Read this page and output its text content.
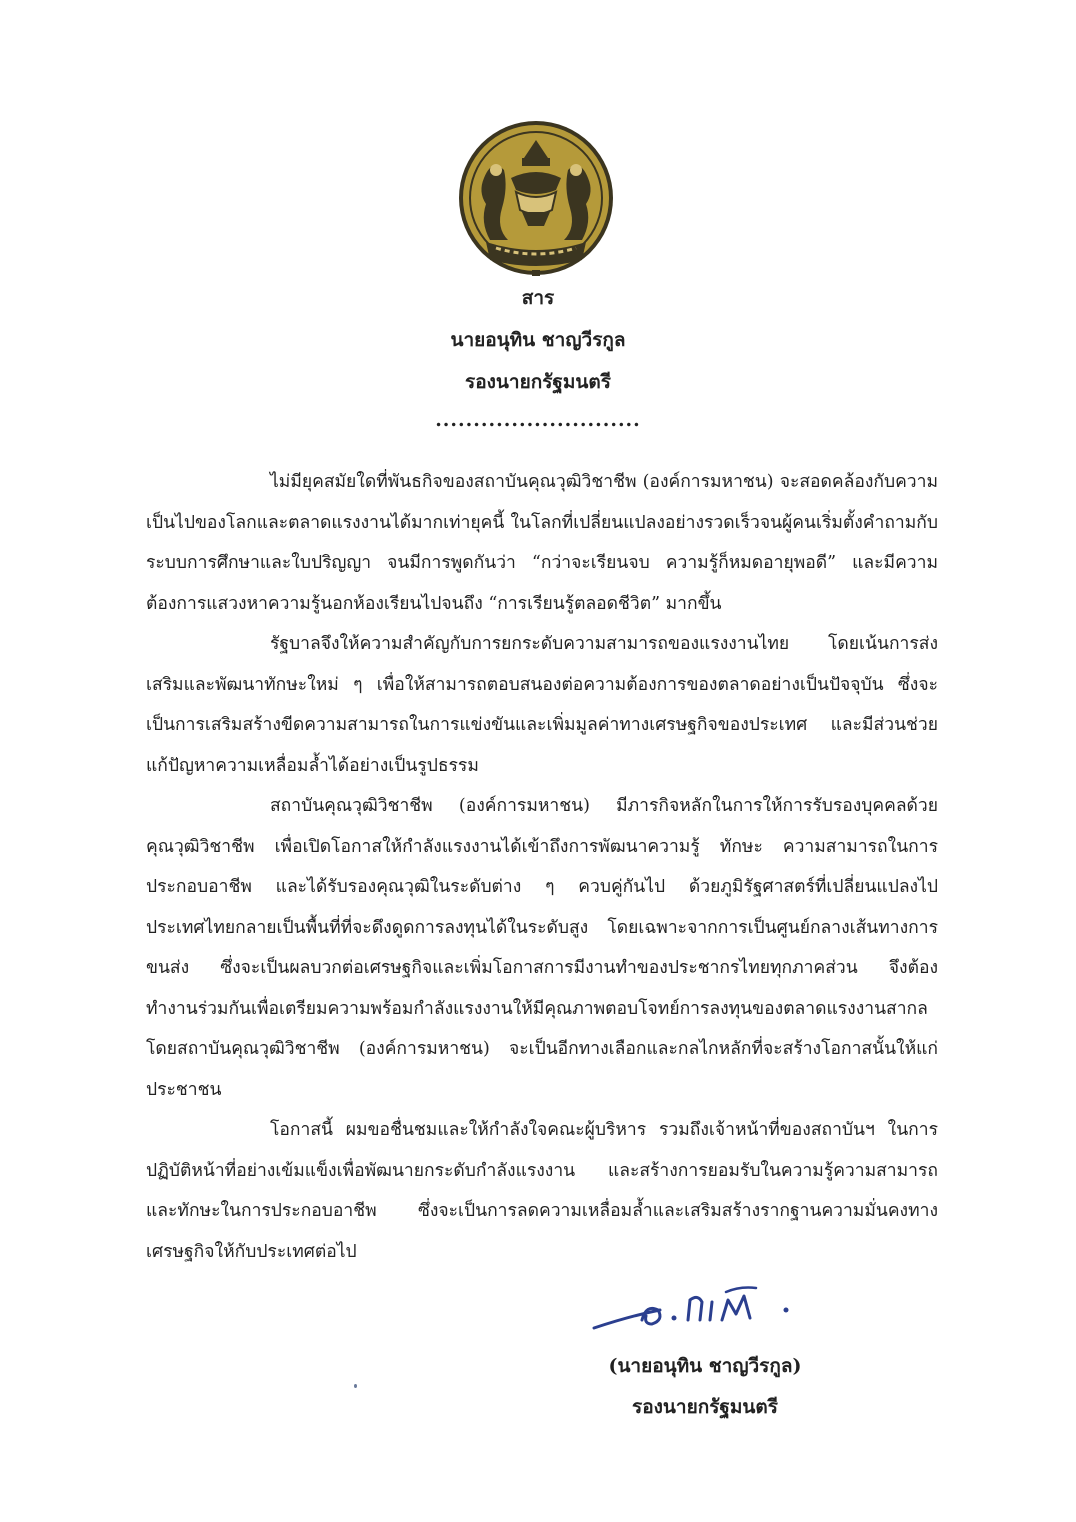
สาร
นายอนุทิน ชาญวีรกูล
รองนายกรัฐมนตรี
...........................

ไม่มียุคสมัยใดที่พันธกิจของสถาบันคุณวุฒิวิชาชีพ (องค์การมหาชน) จะสอดคล้องกับความเป็นไปของโลกและตลาดแรงงานได้มากเท่ายุคนี้ ในโลกที่เปลี่ยนแปลงอย่างรวดเร็วจนผู้คนเริ่มตั้งคำถามกับระบบการศึกษาและใบปริญญา จนมีการพูดกันว่า “กว่าจะเรียนจบ ความรู้ก็หมดอายุพอดี” และมีความต้องการแสวงหาความรู้นอกห้องเรียนไปจนถึง “การเรียนรู้ตลอดชีวิต” มากขึ้น

รัฐบาลจึงให้ความสำคัญกับการยกระดับความสามารถของแรงงานไทย โดยเน้นการส่งเสริมและพัฒนาทักษะใหม่ ๆ เพื่อให้สามารถตอบสนองต่อความต้องการของตลาดอย่างเป็นปัจจุบัน ซึ่งจะเป็นการเสริมสร้างขีดความสามารถในการแข่งขันและเพิ่มมูลค่าทางเศรษฐกิจของประเทศ และมีส่วนช่วยแก้ปัญหาความเหลื่อมล้ำได้อย่างเป็นรูปธรรม

สถาบันคุณวุฒิวิชาชีพ (องค์การมหาชน) มีภารกิจหลักในการให้การรับรองบุคคลด้วยคุณวุฒิวิชาชีพ เพื่อเปิดโอกาสให้กำลังแรงงานได้เข้าถึงการพัฒนาความรู้ ทักษะ ความสามารถในการประกอบอาชีพ และได้รับรองคุณวุฒิในระดับต่าง ๆ ควบคู่กันไป ด้วยภูมิรัฐศาสตร์ที่เปลี่ยนแปลงไป ประเทศไทยกลายเป็นพื้นที่ที่จะดึงดูดการลงทุนได้ในระดับสูง โดยเฉพาะจากการเป็นศูนย์กลางเส้นทางการขนส่ง ซึ่งจะเป็นผลบวกต่อเศรษฐกิจและเพิ่มโอกาสการมีงานทำของประชากรไทยทุกภาคส่วน จึงต้องทำงานร่วมกันเพื่อเตรียมความพร้อมกำลังแรงงานให้มีคุณภาพตอบโจทย์การลงทุนของตลาดแรงงานสากล โดยสถาบันคุณวุฒิวิชาชีพ (องค์การมหาชน) จะเป็นอีกทางเลือกและกลไกหลักที่จะสร้างโอกาสนั้นให้แก่ประชาชน

โอกาสนี้ ผมขอชื่นชมและให้กำลังใจคณะผู้บริหาร รวมถึงเจ้าหน้าที่ของสถาบันฯ ในการปฏิบัติหน้าที่อย่างเข้มแข็งเพื่อพัฒนายกระดับกำลังแรงงาน และสร้างการยอมรับในความรู้ความสามารถและทักษะในการประกอบอาชีพ ซึ่งจะเป็นการลดความเหลื่อมล้ำและเสริมสร้างรากฐานความมั่นคงทางเศรษฐกิจให้กับประเทศต่อไป

(นายอนุทิน ชาญวีรกูล)
รองนายกรัฐมนตรี
